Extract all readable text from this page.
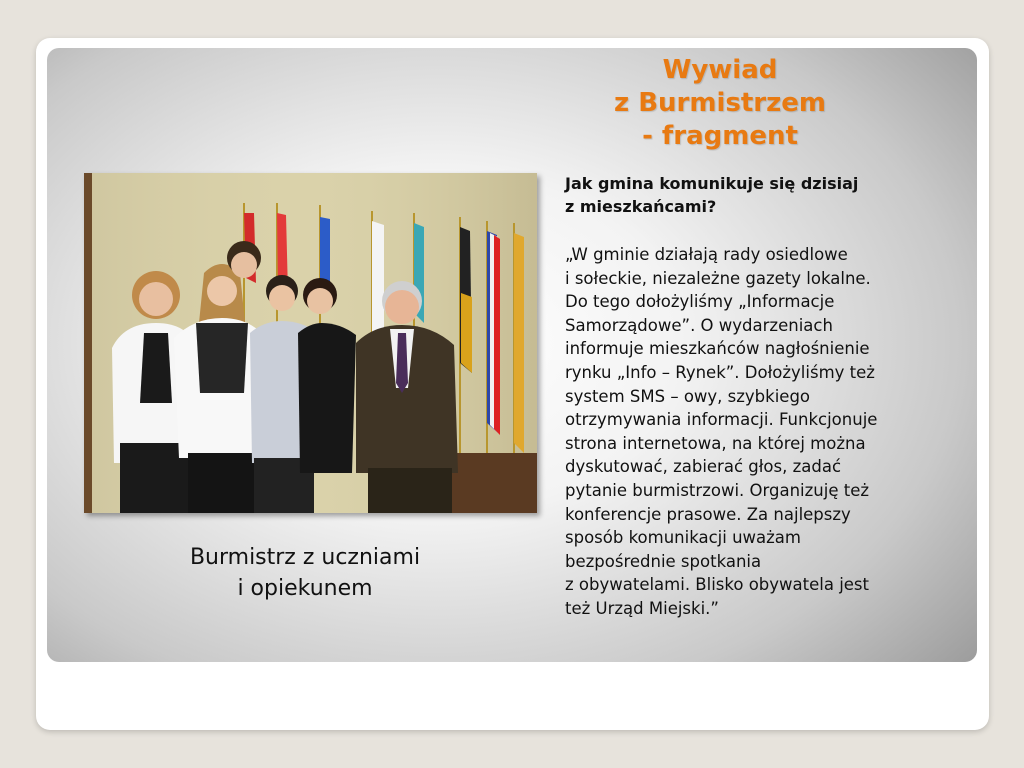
Wywiad
z Burmistrzem
- fragment
Burmistrz z uczniami
i opiekunem
Jak gmina komunikuje się dzisiaj
z mieszkańcami?
„W gminie działają rady osiedlowe
i sołeckie, niezależne gazety lokalne.
Do tego dołożyliśmy „Informacje
Samorządowe”. O wydarzeniach
informuje mieszkańców nagłośnienie
rynku „Info – Rynek”. Dołożyliśmy też
system SMS – owy, szybkiego
otrzymywania informacji. Funkcjonuje
strona internetowa, na której można
dyskutować, zabierać głos, zadać
pytanie burmistrzowi. Organizuję też
konferencje prasowe. Za najlepszy
sposób komunikacji uważam
bezpośrednie spotkania
z obywatelami. Blisko obywatela jest
też Urząd Miejski.”
